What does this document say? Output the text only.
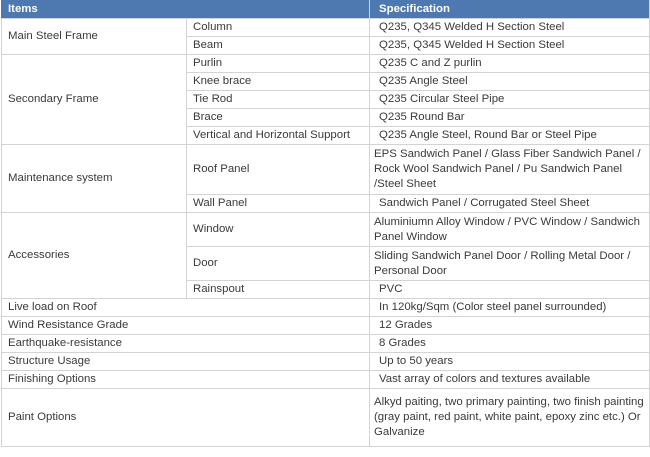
Items		Specification
Main Steel Frame	Column	Q235, Q345 Welded H Section Steel
	Beam	Q235, Q345 Welded H Section Steel
Secondary Frame	Purlin	Q235 C and Z purlin
	Knee brace	Q235 Angle Steel
	Tie Rod	Q235 Circular Steel Pipe
	Brace	Q235 Round Bar
	Vertical and Horizontal Support	Q235 Angle Steel, Round Bar or Steel Pipe
Maintenance system	Roof Panel	EPS Sandwich Panel / Glass Fiber Sandwich Panel / Rock Wool Sandwich Panel / Pu Sandwich Panel /Steel Sheet
	Wall Panel	Sandwich Panel / Corrugated Steel Sheet
Accessories	Window	Aluminiumn Alloy Window / PVC Window / Sandwich Panel Window
	Door	Sliding Sandwich Panel Door / Rolling Metal Door / Personal Door
	Rainspout	PVC
Live load on Roof		In 120kg/Sqm (Color steel panel surrounded)
Wind Resistance Grade		12 Grades
Earthquake-resistance		8 Grades
Structure Usage		Up to 50 years
Finishing Options		Vast array of colors and textures available
Paint Options		Alkyd paiting, two primary painting, two finish painting (gray paint, red paint, white paint, epoxy zinc etc.) Or Galvanize
